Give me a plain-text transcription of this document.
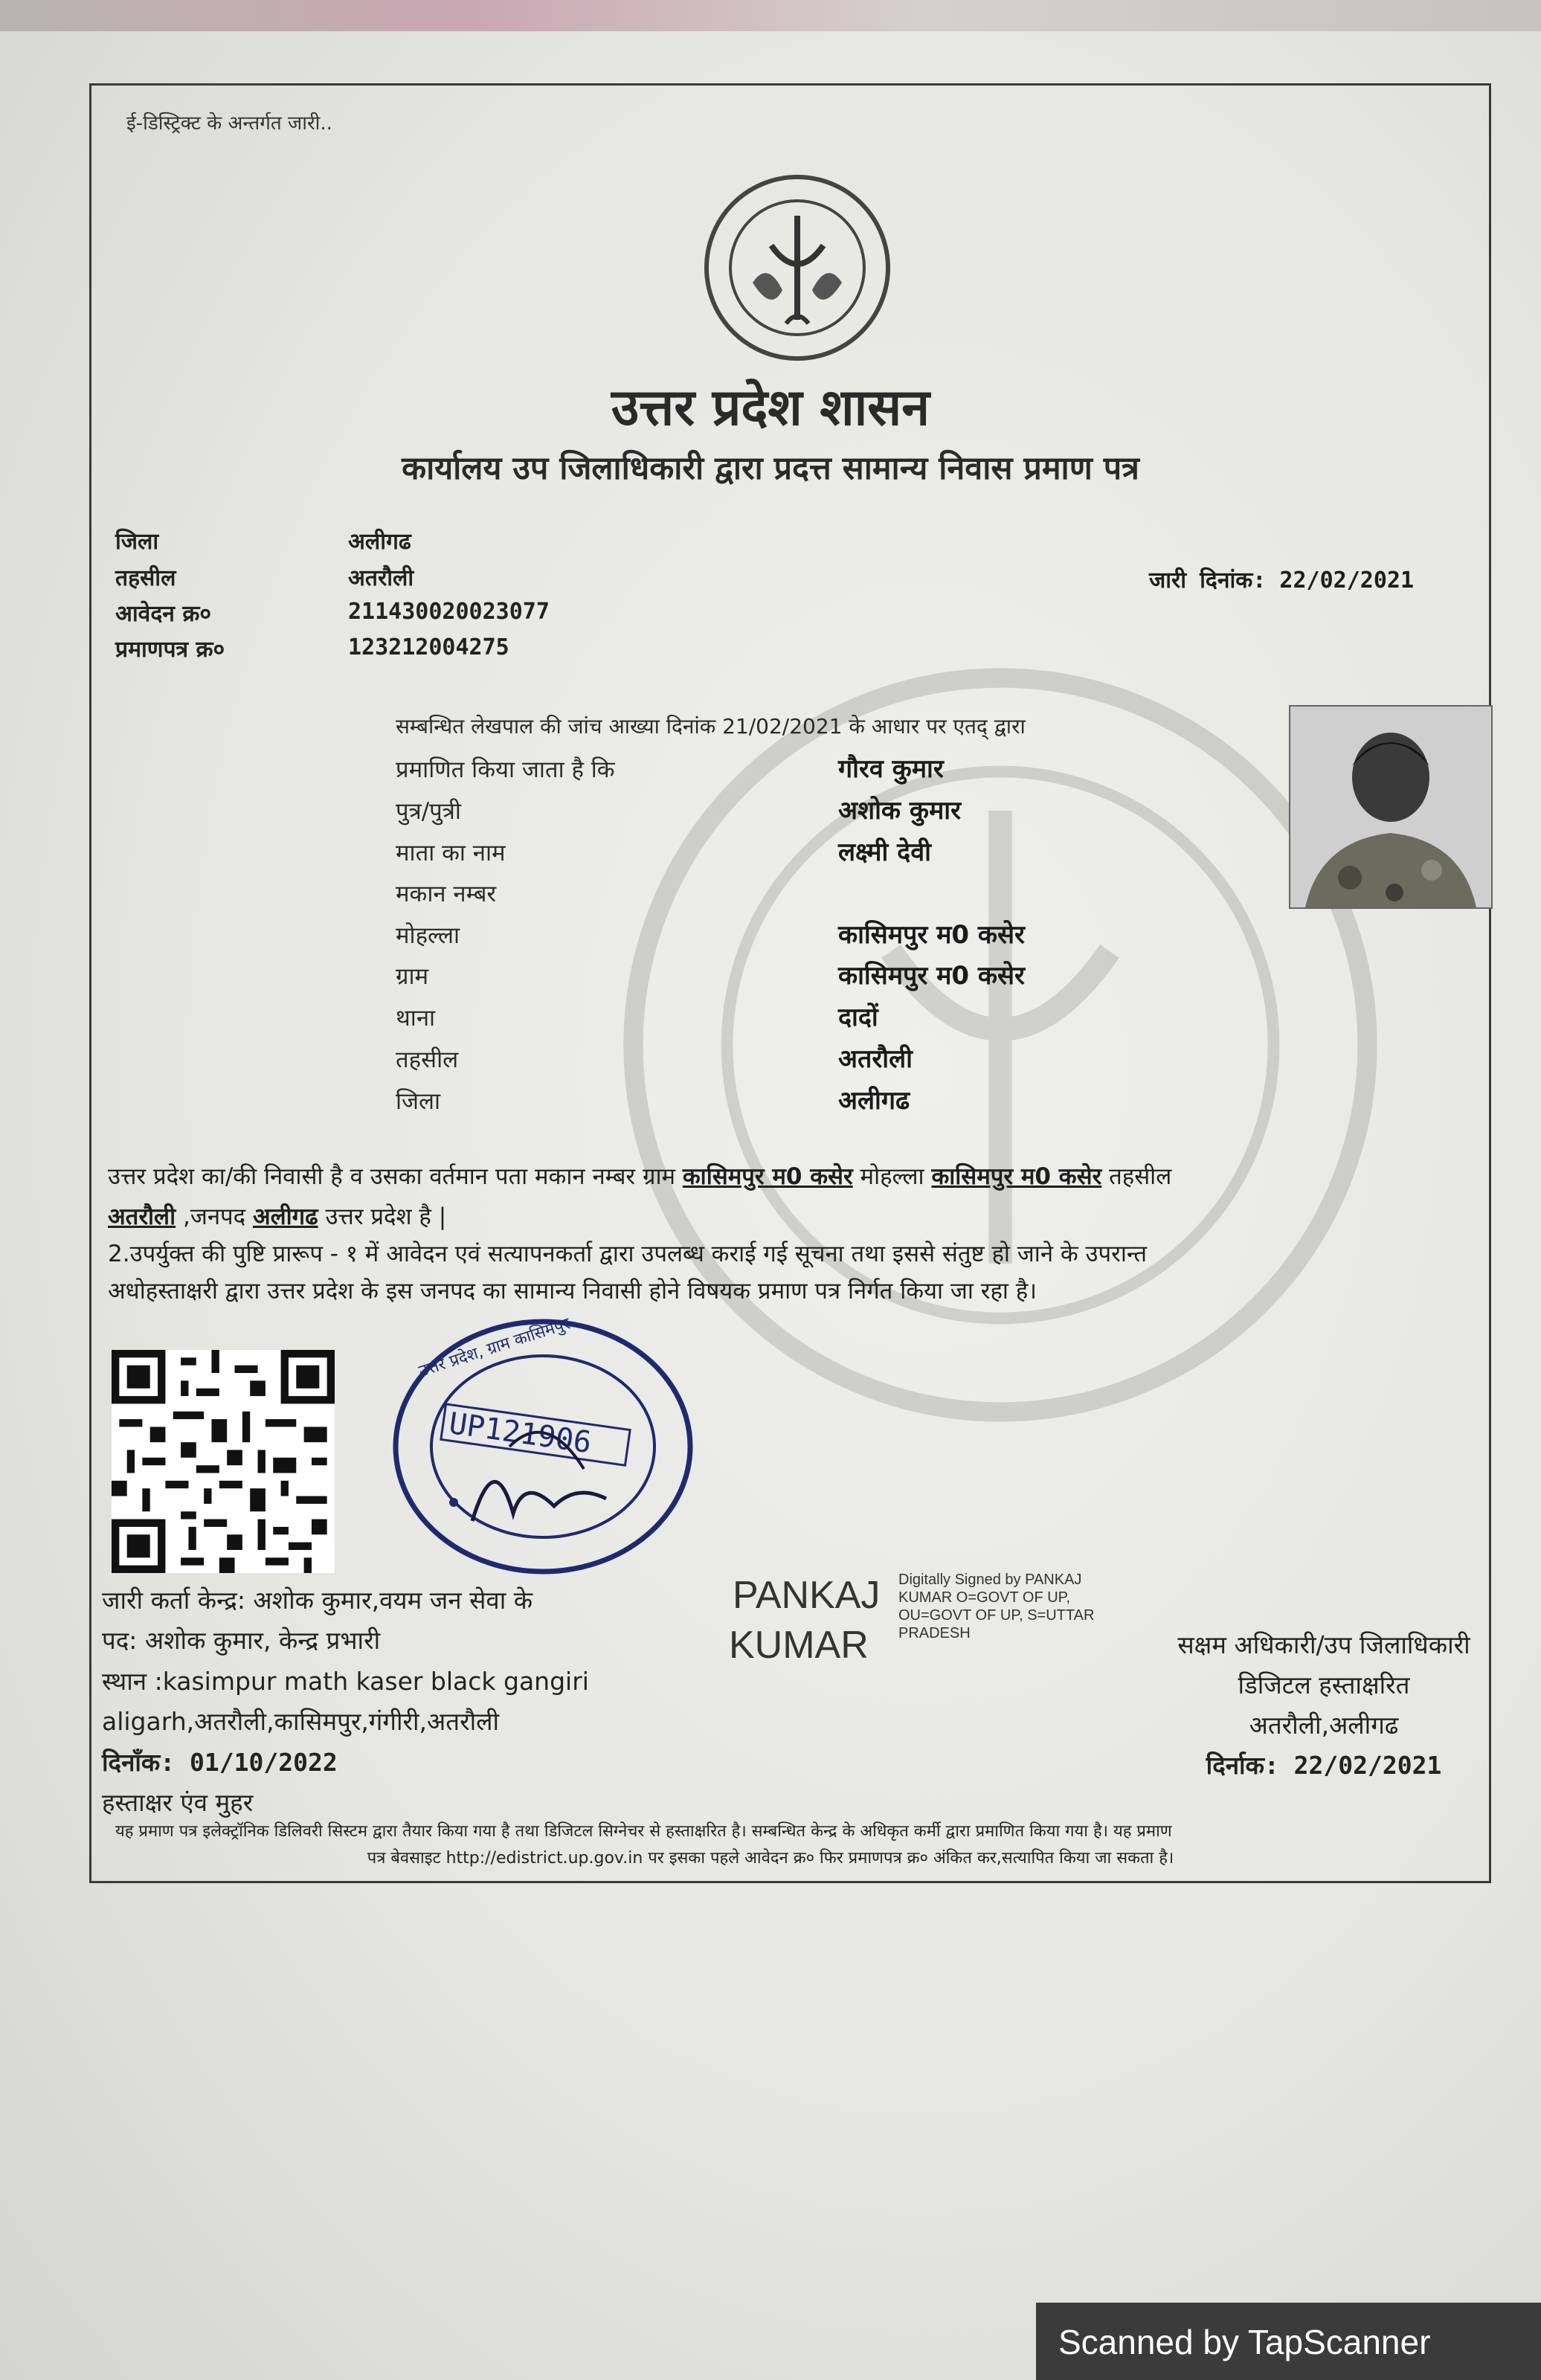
ई-डिस्ट्रिक्ट के अन्तर्गत जारी..
उत्तर प्रदेश शासन
कार्यालय उप जिलाधिकारी द्वारा प्रदत्त सामान्य निवास प्रमाण पत्र
जिला	अलीगढ
तहसील	अतरौली
आवेदन क्र०	211430020023077
प्रमाणपत्र क्र०	123212004275
जारी दिनांक: 22/02/2021
सम्बन्धित लेखपाल की जांच आख्या दिनांक 21/02/2021 के आधार पर एतद् द्वारा
प्रमाणित किया जाता है कि	गौरव कुमार
पुत्र/पुत्री	अशोक कुमार
माता का नाम	लक्ष्मी देवी
मकान नम्बर
मोहल्ला	कासिमपुर म0 कसेर
ग्राम	कासिमपुर म0 कसेर
थाना	दादों
तहसील	अतरौली
जिला	अलीगढ
उत्तर प्रदेश का/की निवासी है व उसका वर्तमान पता मकान नम्बर ग्राम कासिमपुर म0 कसेर मोहल्ला कासिमपुर म0 कसेर तहसील
अतरौली ,जनपद अलीगढ उत्तर प्रदेश है |
2.उपर्युक्त की पुष्टि प्रारूप - १ में आवेदन एवं सत्यापनकर्ता द्वारा उपलब्ध कराई गई सूचना तथा इससे संतुष्ट हो जाने के उपरान्त
अधोहस्ताक्षरी द्वारा उत्तर प्रदेश के इस जनपद का सामान्य निवासी होने विषयक प्रमाण पत्र निर्गत किया जा रहा है।
उत्तर प्रदेश, ग्राम कासिमपुर
UP121906
जारी कर्ता केन्द्र: अशोक कुमार,वयम जन सेवा के
पद: अशोक कुमार, केन्द्र प्रभारी
स्थान :kasimpur math kaser black gangiri
aligarh,अतरौली,कासिमपुर,गंगीरी,अतरौली
दिनाँक: 01/10/2022
हस्ताक्षर एंव मुहर
PANKAJ
KUMAR
Digitally Signed by PANKAJ
KUMAR O=GOVT OF UP,
OU=GOVT OF UP, S=UTTAR
PRADESH	सक्षम अधिकारी/उप जिलाधिकारी
डिजिटल हस्ताक्षरित
अतरौली,अलीगढ
दिर्नाक: 22/02/2021
यह प्रमाण पत्र इलेक्ट्रॉनिक डिलिवरी सिस्टम द्वारा तैयार किया गया है तथा डिजिटल सिग्नेचर से हस्ताक्षरित है। सम्बन्धित केन्द्र के अधिकृत कर्मी द्वारा प्रमाणित किया गया है। यह प्रमाण
पत्र बेवसाइट http://edistrict.up.gov.in पर इसका पहले आवेदन क्र० फिर प्रमाणपत्र क्र० अंकित कर,सत्यापित किया जा सकता है।
Scanned by TapScanner
